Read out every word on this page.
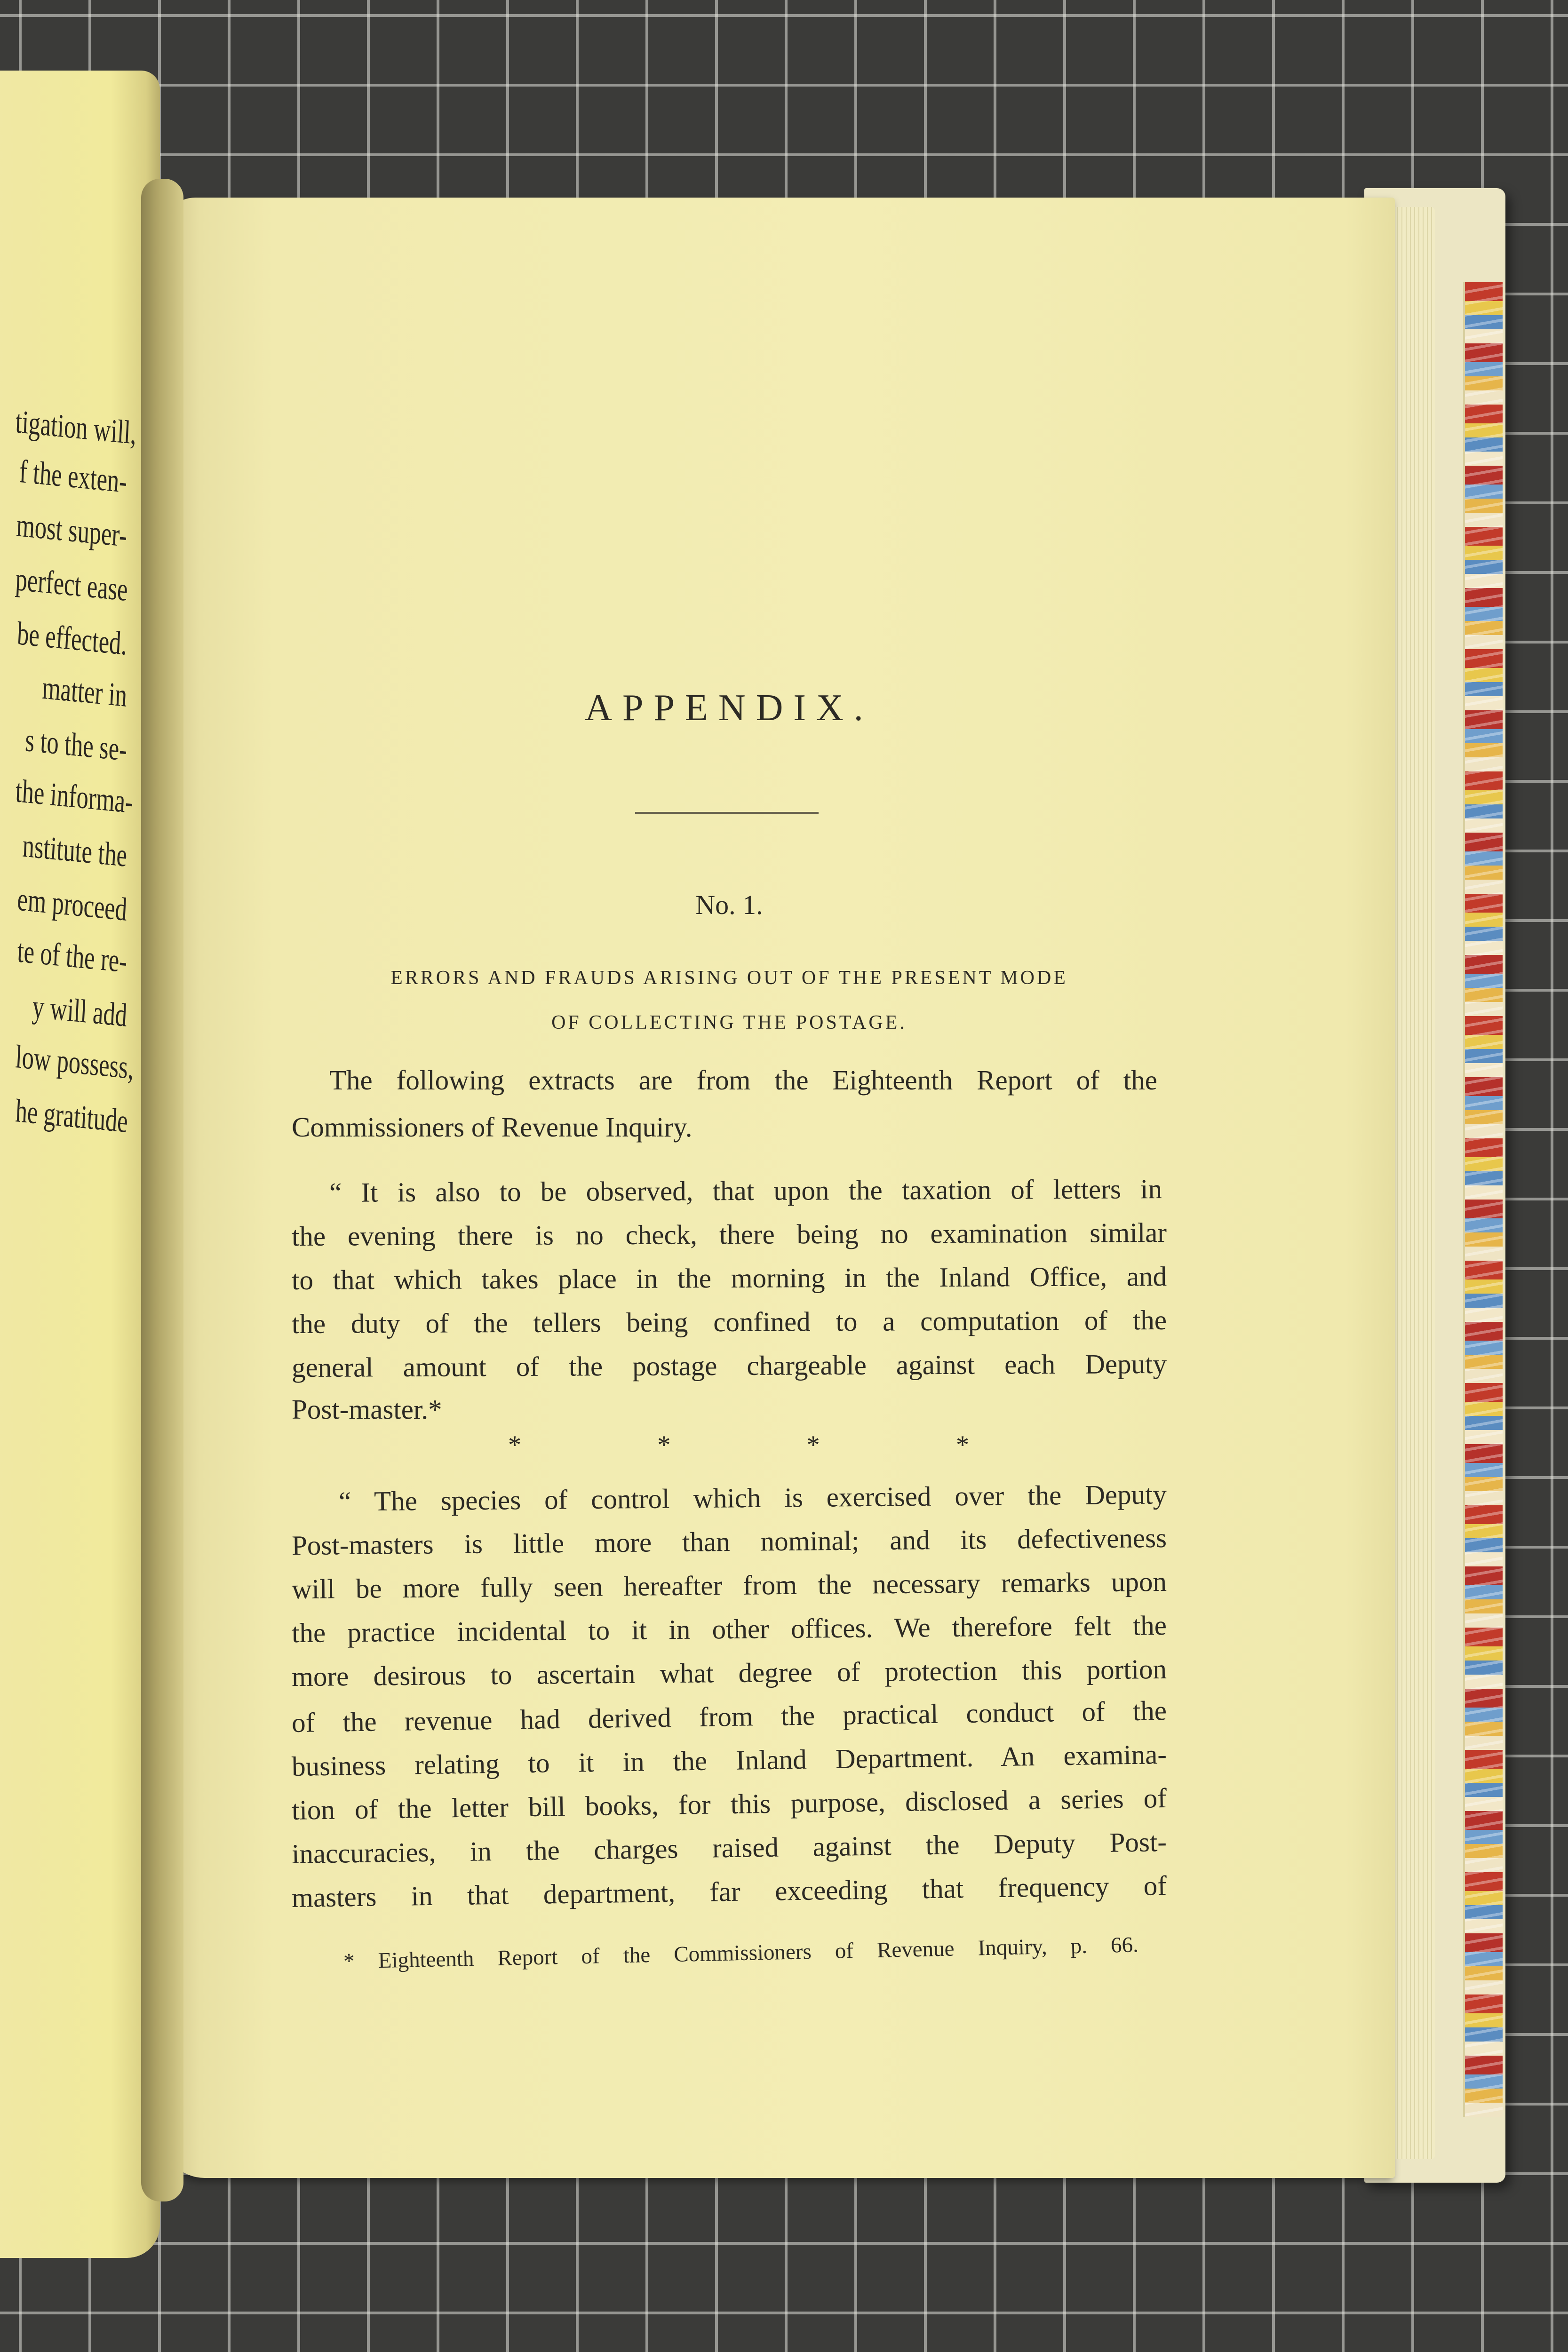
tigation will,
f the exten-
most super-
perfect ease
be effected.
matter in
s to the se-
the informa-
nstitute the
em proceed
te of the re-
y will add
low possess,
he gratitude
APPENDIX.
No. 1.
ERRORS AND FRAUDS ARISING OUT OF THE PRESENT MODE
OF COLLECTING THE POSTAGE.
The following extracts are from the Eighteenth Report of the
Commissioners of Revenue Inquiry.
“ It is also to be observed, that upon the taxation of letters in
the evening there is no check, there being no examination similar
to that which takes place in the morning in the Inland Office, and
the duty of the tellers being confined to a computation of the
general amount of the postage chargeable against each Deputy
Post-master.*
*	*	*	*
“ The species of control which is exercised over the Deputy
Post-masters is little more than nominal; and its defectiveness
will be more fully seen hereafter from the necessary remarks upon
the practice incidental to it in other offices. We therefore felt the
more desirous to ascertain what degree of protection this portion
of the revenue had derived from the practical conduct of the
business relating to it in the Inland Department. An examina-
tion of the letter bill books, for this purpose, disclosed a series of
inaccuracies, in the charges raised against the Deputy Post-
masters in that department, far exceeding that frequency of
* Eighteenth Report of the Commissioners of Revenue Inquiry, p. 66.
